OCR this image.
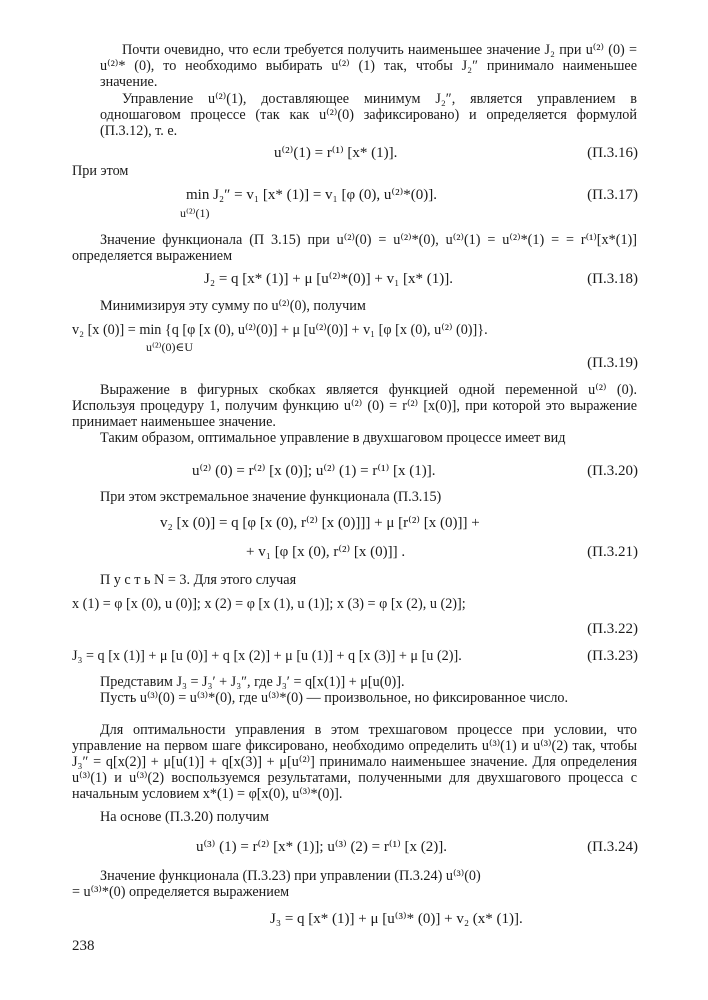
Почти очевидно, что если требуется получить наименьшее значение J₂ при u⁽²⁾ (0) = u⁽²⁾* (0), то необходимо выбирать u⁽²⁾ (1) так, чтобы J₂″ принимало наименьшее значение.

Управление u⁽²⁾(1), доставляющее минимум J₂″, является управлением в одношаговом процессе (так как u⁽²⁾(0) зафиксировано) и определяется формулой (П.3.12), т. е.

u⁽²⁾(1) = r⁽¹⁾ [x* (1)].	(П.3.16)

При этом

min J₂″ = v₁ [x* (1)] = v₁ [φ (0), u⁽²⁾*(0)].
u⁽²⁾(1)
(П.3.17)

Значение функционала (П 3.15) при u⁽²⁾(0) = u⁽²⁾*(0), u⁽²⁾(1) = u⁽²⁾*(1) = = r⁽¹⁾[x*(1)] определяется выражением

J₂ = q [x* (1)] + μ [u⁽²⁾*(0)] + v₁ [x* (1)].	(П.3.18)

Минимизируя эту сумму по u⁽²⁾(0), получим

v₂ [x (0)] = min {q [φ [x (0), u⁽²⁾(0)] + μ [u⁽²⁾(0)] + v₁ [φ [x (0), u⁽²⁾ (0)]}.
u⁽²⁾(0)∈U
(П.3.19)

Выражение в фигурных скобках является функцией одной переменной u⁽²⁾ (0). Используя процедуру 1, получим функцию u⁽²⁾ (0) = r⁽²⁾ [x(0)], при которой это выражение принимает наименьшее значение.

Таким образом, оптимальное управление в двухшаговом процессе имеет вид

u⁽²⁾ (0) = r⁽²⁾ [x (0)]; u⁽²⁾ (1) = r⁽¹⁾ [x (1)].	(П.3.20)

При этом экстремальное значение функционала (П.3.15)

v₂ [x (0)] = q [φ [x (0), r⁽²⁾ [x (0)]]] + μ [r⁽²⁾ [x (0)]] +
+ v₁ [φ [x (0), r⁽²⁾ [x (0)]] .	(П.3.21)

П у с т ь N = 3. Для этого случая

x (1) = φ [x (0), u (0)]; x (2) = φ [x (1), u (1)]; x (3) = φ [x (2), u (2)];
(П.3.22)
J₃ = q [x (1)] + μ [u (0)] + q [x (2)] + μ [u (1)] + q [x (3)] + μ [u (2)].	(П.3.23)

Представим J₃ = J₃′ + J₃″, где J₃′ = q[x(1)] + μ[u(0)].

Пусть u⁽³⁾(0) = u⁽³⁾*(0), где u⁽³⁾*(0) — произвольное, но фиксированное число.

Для оптимальности управления в этом трехшаговом процессе при условии, что управление на первом шаге фиксировано, необходимо определить u⁽³⁾(1) и u⁽³⁾(2) так, чтобы J₃″ = q[x(2)] + μ[u(1)] + q[x(3)] + μ[u⁽²⁾] принимало наименьшее значение. Для определения u⁽³⁾(1) и u⁽³⁾(2) воспользуемся результатами, полученными для двухшагового процесса с начальным условием x*(1) = φ[x(0), u⁽³⁾*(0)].

На основе (П.3.20) получим

u⁽³⁾ (1) = r⁽²⁾ [x* (1)]; u⁽³⁾ (2) = r⁽¹⁾ [x (2)].	(П.3.24)

Значение функционала (П.3.23) при управлении (П.3.24) u⁽³⁾(0) = u⁽³⁾*(0) определяется выражением

J₃ = q [x* (1)] + μ [u⁽³⁾* (0)] + v₂ (x* (1)].
238
